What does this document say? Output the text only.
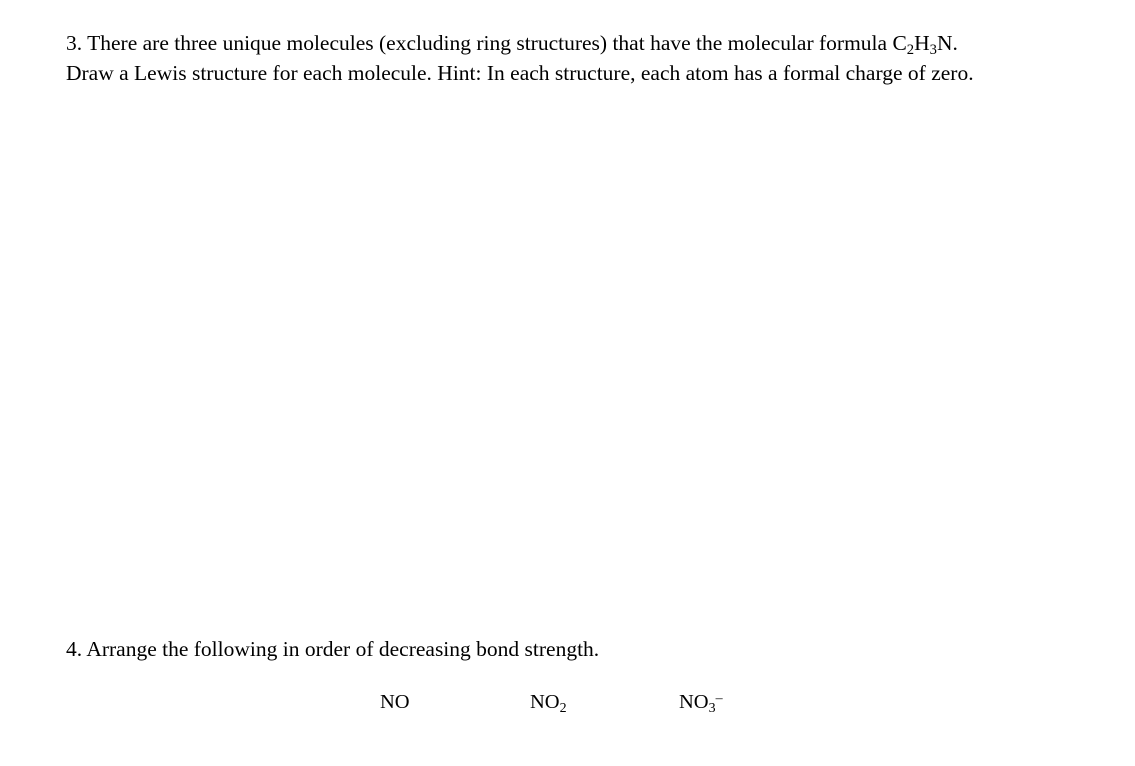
3. There are three unique molecules (excluding ring structures) that have the molecular formula C2H3N.
Draw a Lewis structure for each molecule. Hint: In each structure, each atom has a formal charge of zero.
4. Arrange the following in order of decreasing bond strength.
NO	NO2	NO3–
